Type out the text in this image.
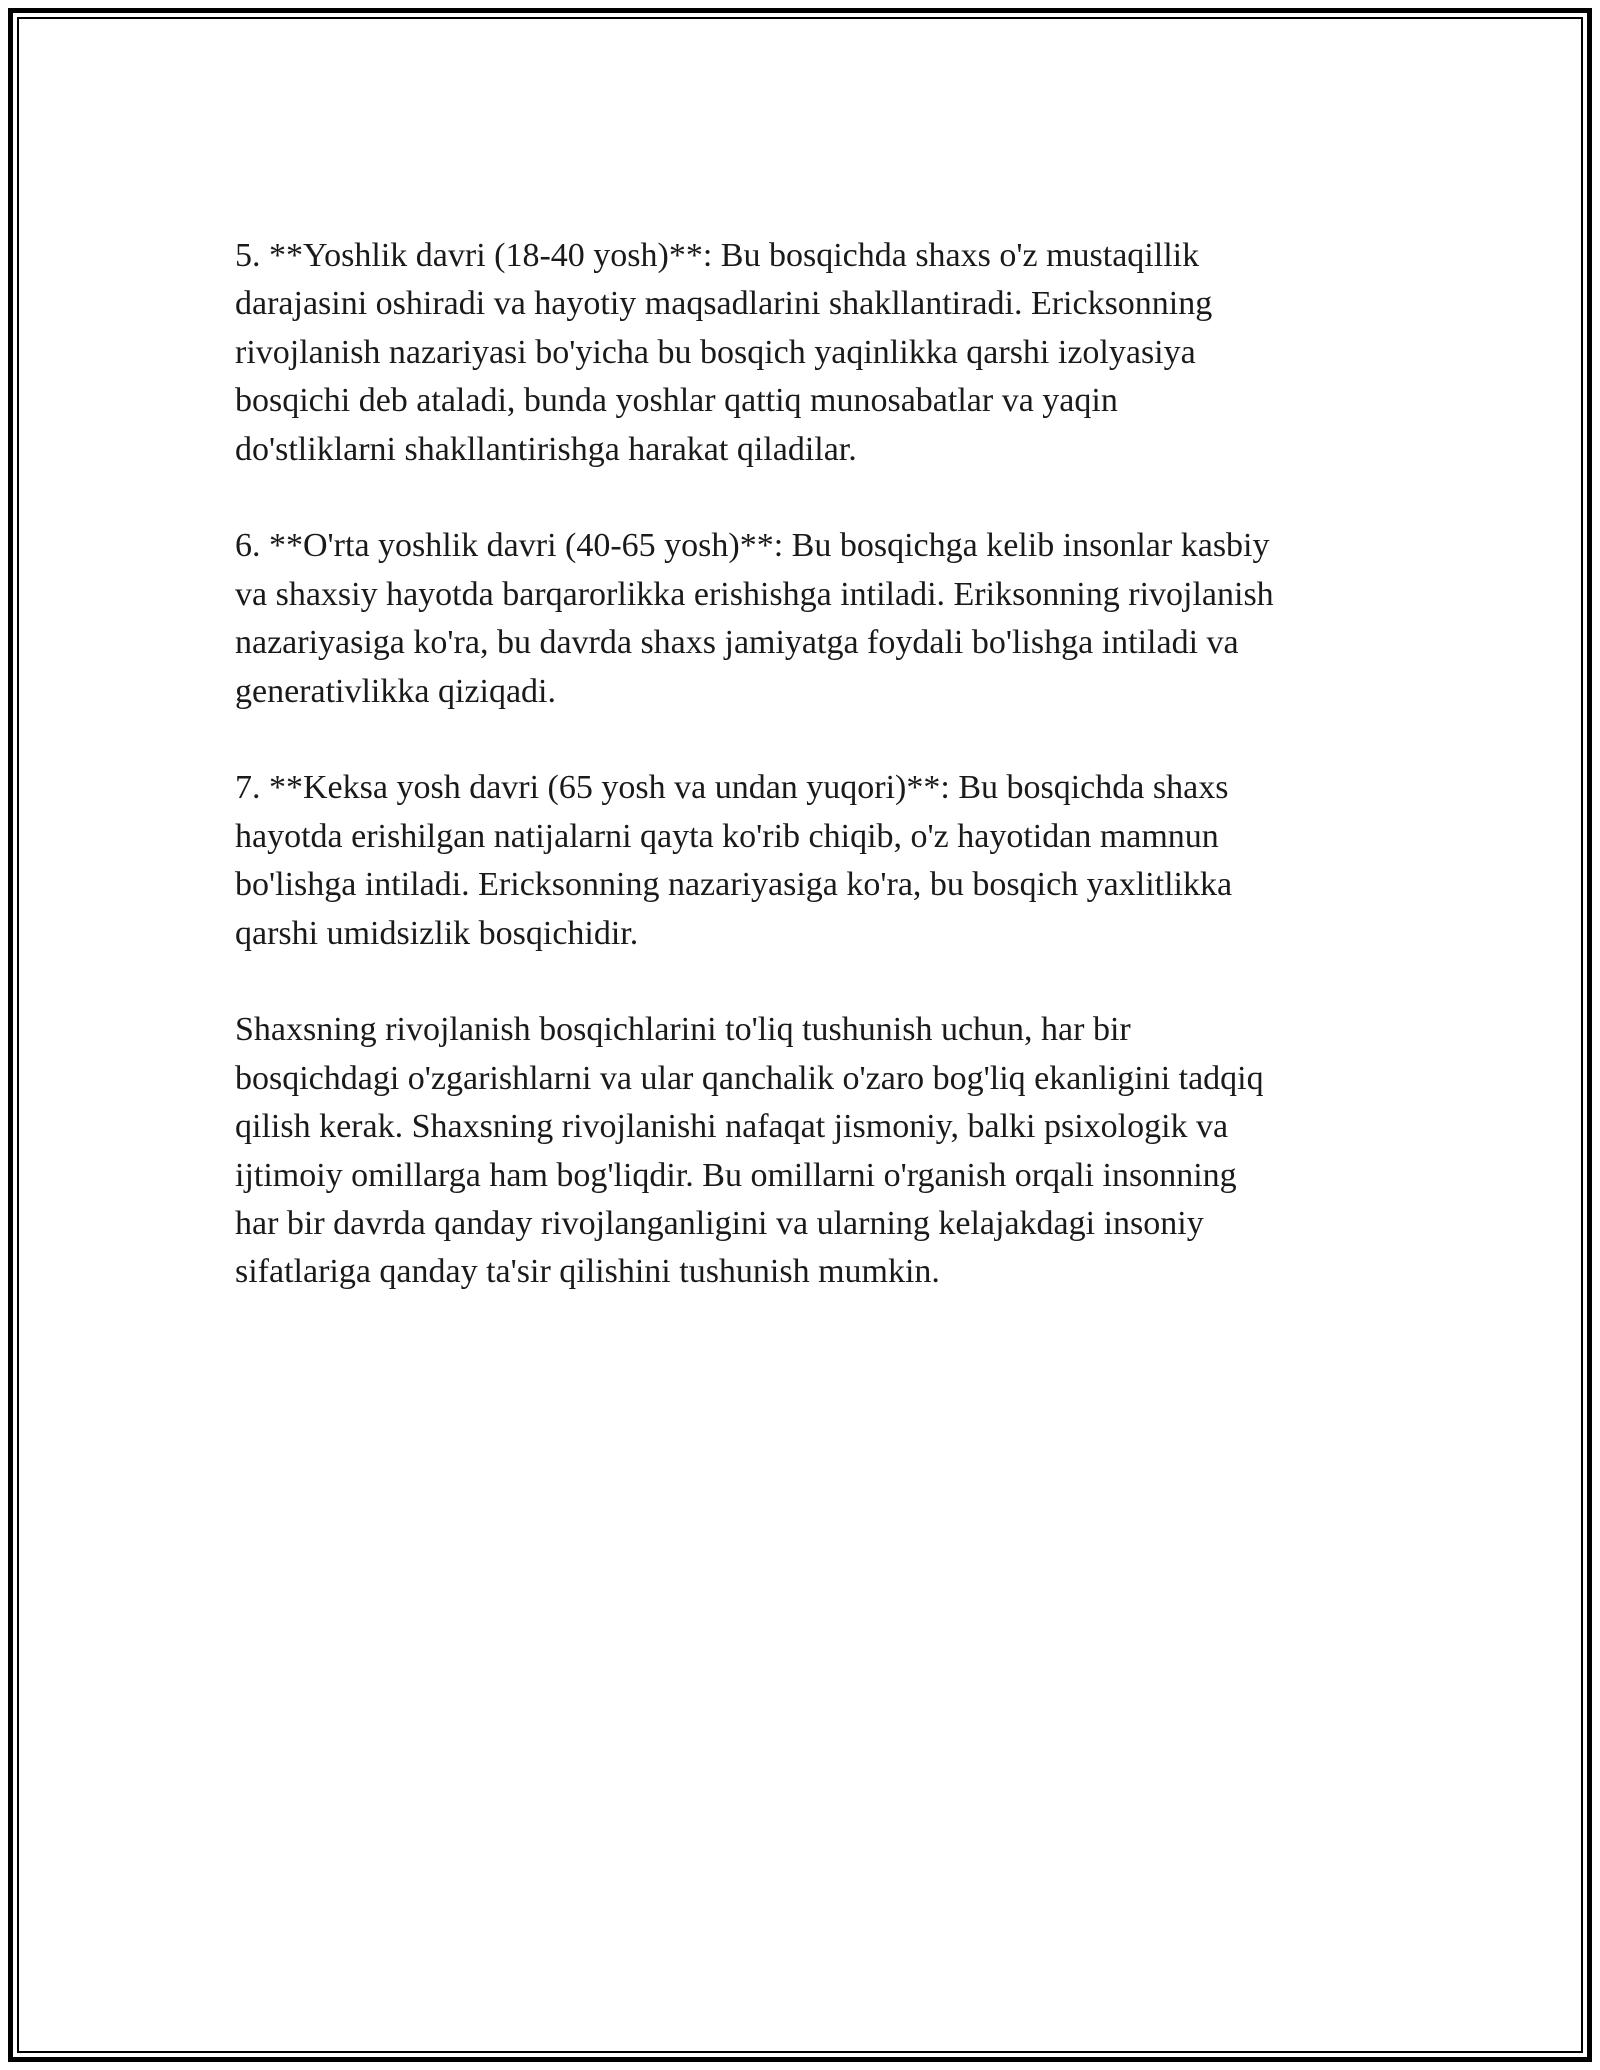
5. **Yoshlik davri (18-40 yosh)**: Bu bosqichda shaxs o'z mustaqillik
darajasini oshiradi va hayotiy maqsadlarini shakllantiradi. Ericksonning
rivojlanish nazariyasi bo'yicha bu bosqich yaqinlikka qarshi izolyasiya
bosqichi deb ataladi, bunda yoshlar qattiq munosabatlar va yaqin
do'stliklarni shakllantirishga harakat qiladilar.

6. **O'rta yoshlik davri (40-65 yosh)**: Bu bosqichga kelib insonlar kasbiy
va shaxsiy hayotda barqarorlikka erishishga intiladi. Eriksonning rivojlanish
nazariyasiga ko'ra, bu davrda shaxs jamiyatga foydali bo'lishga intiladi va
generativlikka qiziqadi.

7. **Keksa yosh davri (65 yosh va undan yuqori)**: Bu bosqichda shaxs
hayotda erishilgan natijalarni qayta ko'rib chiqib, o'z hayotidan mamnun
bo'lishga intiladi. Ericksonning nazariyasiga ko'ra, bu bosqich yaxlitlikka
qarshi umidsizlik bosqichidir.

Shaxsning rivojlanish bosqichlarini to'liq tushunish uchun, har bir
bosqichdagi o'zgarishlarni va ular qanchalik o'zaro bog'liq ekanligini tadqiq
qilish kerak. Shaxsning rivojlanishi nafaqat jismoniy, balki psixologik va
ijtimoiy omillarga ham bog'liqdir. Bu omillarni o'rganish orqali insonning
har bir davrda qanday rivojlanganligini va ularning kelajakdagi insoniy
sifatlariga qanday ta'sir qilishini tushunish mumkin.
